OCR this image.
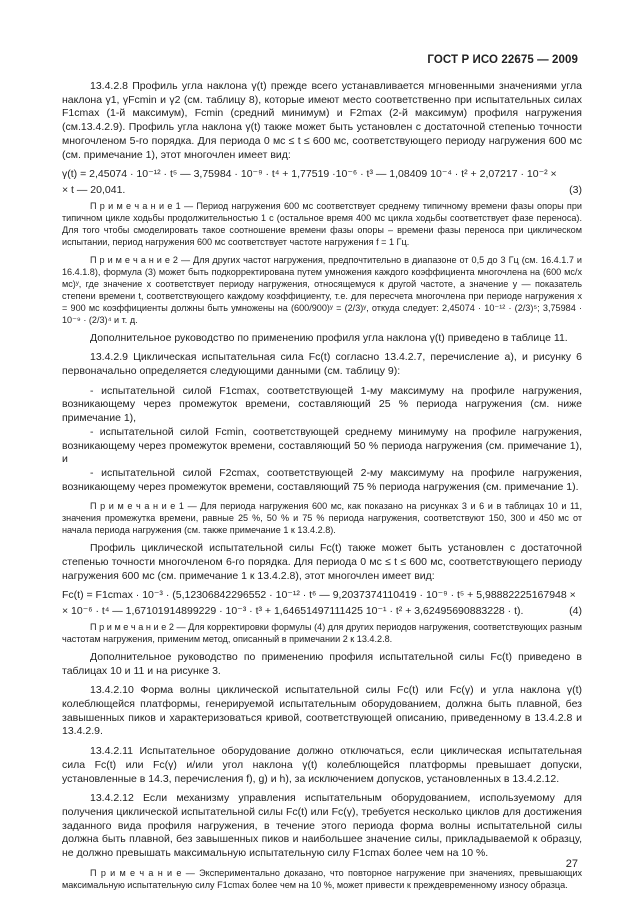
ГОСТ Р ИСО 22675 — 2009

13.4.2.8 Профиль угла наклона γ(t) прежде всего устанавливается мгновенными значениями угла наклона γ1, γFcmin и γ2 (см. таблицу 8), которые имеют место соответственно при испытательных силах F1cmax (1-й максимум), Fcmin (средний минимум) и F2max (2-й максимум) профиля нагружения (см.13.4.2.9). Профиль угла наклона γ(t) также может быть установлен с достаточной степенью точности многочленом 5-го порядка. Для периода 0 мс ≤ t ≤ 600 мс, соответствующего периоду нагружения 600 мс (см. примечание 1), этот многочлен имеет вид:

γ(t) = 2,45074 · 10⁻¹² · t⁵ — 3,75984 · 10⁻⁹ · t⁴ + 1,77519 ·10⁻⁶ · t³ — 1,08409 10⁻⁴ · t² + 2,07217 · 10⁻² ×

× t — 20,041.	(3)

П р и м е ч а н и е 1 — Период нагружения 600 мс соответствует среднему типичному времени фазы опоры при типичном цикле ходьбы продолжительностью 1 с (остальное время 400 мс цикла ходьбы соответствует фазе переноса). Для того чтобы смоделировать такое соотношение времени фазы опоры – времени фазы переноса при циклическом испытании, период нагружения 600 мс соответствует частоте нагружения f = 1 Гц.

П р и м е ч а н и е 2 — Для других частот нагружения, предпочтительно в диапазоне от 0,5 до 3 Гц (см. 16.4.1.7 и 16.4.1.8), формула (3) может быть подкорректирована путем умножения каждого коэффициента многочлена на (600 мс/x мс)ʸ, где значение x соответствует периоду нагружения, относящемуся к другой частоте, а значение y — показатель степени времени t, соответствующего каждому коэффициенту, т.е. для пересчета многочлена при периоде нагружения x = 900 мс коэффициенты должны быть умножены на (600/900)ʸ = (2/3)ʸ, откуда следует: 2,45074 · 10⁻¹² · (2/3)⁵; 3,75984 · 10⁻⁹ · (2/3)⁴ и т. д.

Дополнительное руководство по применению профиля угла наклона γ(t) приведено в таблице 11.

13.4.2.9 Циклическая испытательная сила Fc(t) согласно 13.4.2.7, перечисление а), и рисунку 6 первоначально определяется следующими данными (см. таблицу 9):

- испытательной силой F1cmax, соответствующей 1-му максимуму на профиле нагружения, возникающему через промежуток времени, составляющий 25 % периода нагружения (см. ниже примечание 1),

- испытательной силой Fcmin, соответствующей среднему минимуму на профиле нагружения, возникающему через промежуток времени, составляющий 50 % периода нагружения (см. примечание 1), и

- испытательной силой F2cmax, соответствующей 2-му максимуму на профиле нагружения, возникающему через промежуток времени, составляющий 75 % периода нагружения (см. примечание 1).

П р и м е ч а н и е 1 — Для периода нагружения 600 мс, как показано на рисунках 3 и 6 и в таблицах 10 и 11, значения промежутка времени, равные 25 %, 50 % и 75 % периода нагружения, соответствуют 150, 300 и 450 мс от начала периода нагружения (см. также примечание 1 к 13.4.2.8).

Профиль циклической испытательной силы Fc(t) также может быть установлен с достаточной степенью точности многочленом 6-го порядка. Для периода 0 мс ≤ t ≤ 600 мс, соответствующего периоду нагружения 600 мс (см. примечание 1 к 13.4.2.8), этот многочлен имеет вид:

Fc(t) = F1cmax · 10⁻³ · (5,12306842296552 · 10⁻¹² · t⁶ — 9,2037374110419 · 10⁻⁹ · t⁵ + 5,98882225167948 ×

× 10⁻⁶ · t⁴ — 1,67101914899229 · 10⁻³ · t³ + 1,64651497111425 10⁻¹ · t² + 3,62495690883228 · t).	(4)

П р и м е ч а н и е 2 — Для корректировки формулы (4) для других периодов нагружения, соответствующих разным частотам нагружения, применим метод, описанный в примечании 2 к 13.4.2.8.

Дополнительное руководство по применению профиля испытательной силы Fc(t) приведено в таблицах 10 и 11 и на рисунке 3.

13.4.2.10 Форма волны циклической испытательной силы Fc(t) или Fc(γ) и угла наклона γ(t) колеблющейся платформы, генерируемой испытательным оборудованием, должна быть плавной, без завышенных пиков и характеризоваться кривой, соответствующей описанию, приведенному в 13.4.2.8 и 13.4.2.9.

13.4.2.11 Испытательное оборудование должно отключаться, если циклическая испытательная сила Fc(t) или Fc(γ) и/или угол наклона γ(t) колеблющейся платформы превышает допуски, установленные в 14.3, перечисления f), g) и h), за исключением допусков, установленных в 13.4.2.12.

13.4.2.12 Если механизму управления испытательным оборудованием, используемому для получения циклической испытательной силы Fc(t) или Fc(γ), требуется несколько циклов для достижения заданного вида профиля нагружения, в течение этого периода форма волны испытательной силы должна быть плавной, без завышенных пиков и наибольшее значение силы, прикладываемой к образцу, не должно превышать максимальную испытательную силу F1cmax более чем на 10 %.

П р и м е ч а н и е — Экспериментально доказано, что повторное нагружение при значениях, превышающих максимальную испытательную силу F1cmax более чем на 10 %, может привести к преждевременному износу образца.

27
